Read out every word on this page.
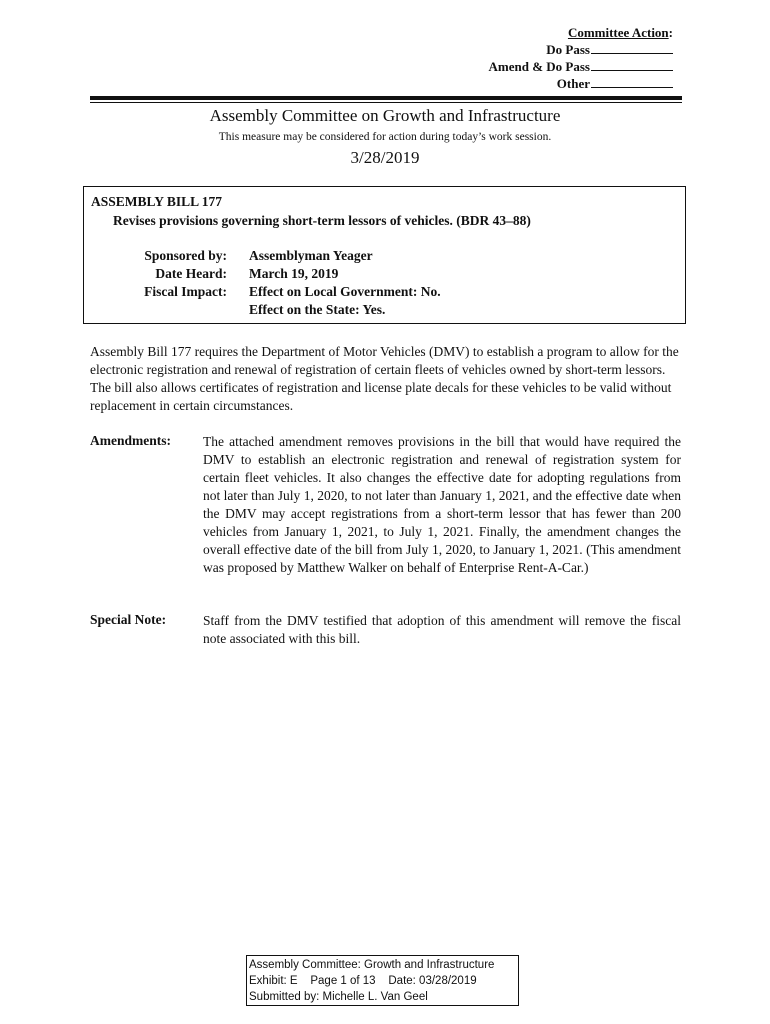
Committee Action:
Do Pass
Amend & Do Pass
Other
Assembly Committee on Growth and Infrastructure
This measure may be considered for action during today’s work session.
3/28/2019
ASSEMBLY BILL 177
Revises provisions governing short-term lessors of vehicles. (BDR 43–88)
Sponsored by: Assemblyman Yeager
Date Heard: March 19, 2019
Fiscal Impact: Effect on Local Government: No.
Effect on the State: Yes.
Assembly Bill 177 requires the Department of Motor Vehicles (DMV) to establish a program to allow for the electronic registration and renewal of registration of certain fleets of vehicles owned by short-term lessors. The bill also allows certificates of registration and license plate decals for these vehicles to be valid without replacement in certain circumstances.
Amendments: The attached amendment removes provisions in the bill that would have required the DMV to establish an electronic registration and renewal of registration system for certain fleet vehicles. It also changes the effective date for adopting regulations from not later than July 1, 2020, to not later than January 1, 2021, and the effective date when the DMV may accept registrations from a short-term lessor that has fewer than 200 vehicles from January 1, 2021, to July 1, 2021. Finally, the amendment changes the overall effective date of the bill from July 1, 2020, to January 1, 2021. (This amendment was proposed by Matthew Walker on behalf of Enterprise Rent-A-Car.)
Special Note:	Staff from the DMV testified that adoption of this amendment will remove the fiscal note associated with this bill.
Assembly Committee: Growth and Infrastructure
Exhibit: E Page 1 of 13 Date: 03/28/2019
Submitted by: Michelle L. Van Geel
